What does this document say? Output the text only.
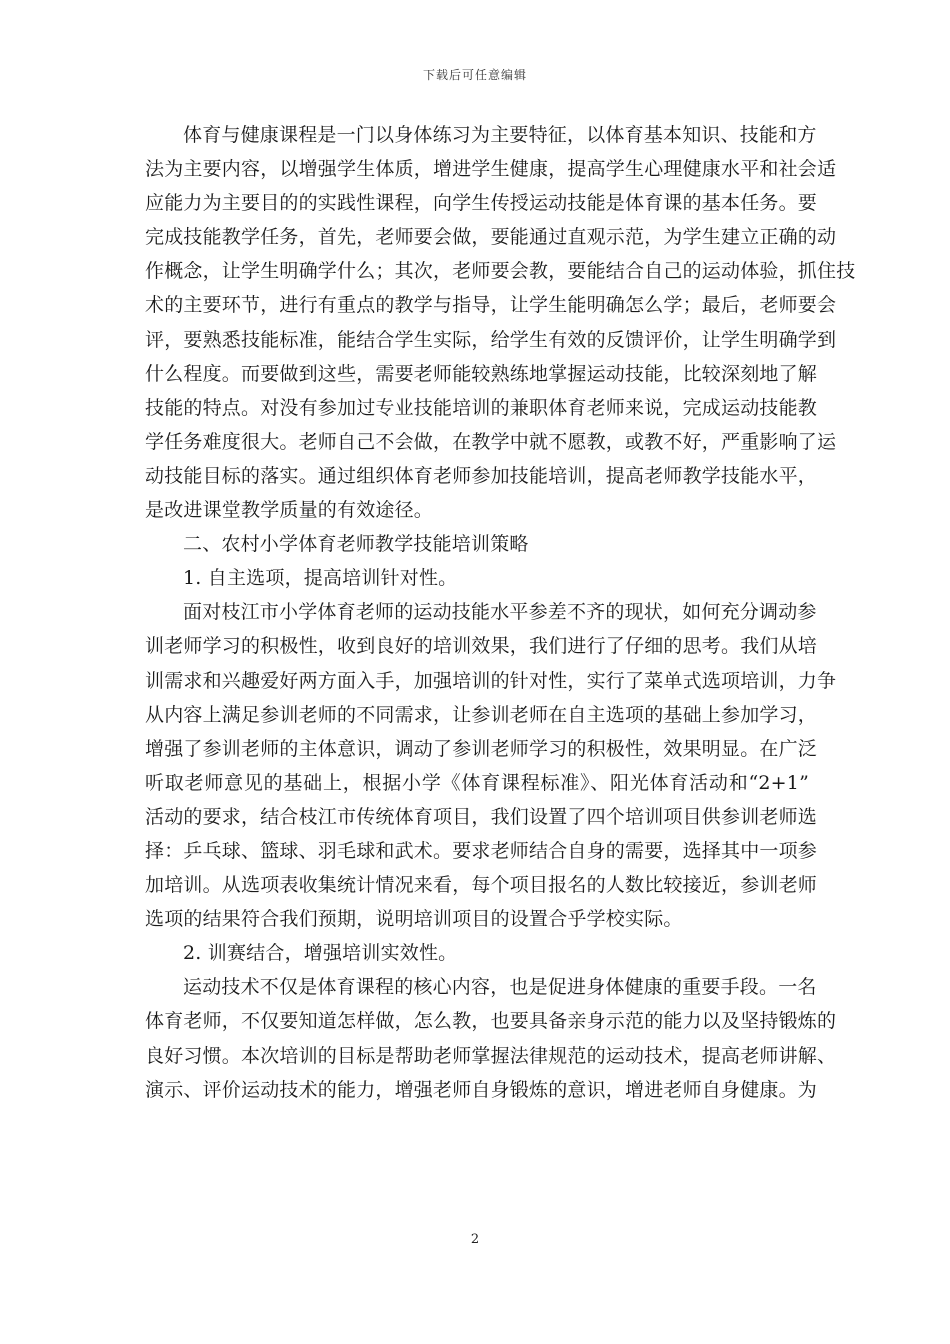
下载后可任意编辑
体育与健康课程是一门以身体练习为主要特征，以体育基本知识、技能和方
法为主要内容，以增强学生体质，增进学生健康，提高学生心理健康水平和社会适
应能力为主要目的的实践性课程，向学生传授运动技能是体育课的基本任务。要
完成技能教学任务，首先，老师要会做，要能通过直观示范，为学生建立正确的动
作概念，让学生明确学什么；其次，老师要会教，要能结合自己的运动体验，抓住技
术的主要环节，进行有重点的教学与指导，让学生能明确怎么学；最后，老师要会
评，要熟悉技能标准，能结合学生实际，给学生有效的反馈评价，让学生明确学到
什么程度。而要做到这些，需要老师能较熟练地掌握运动技能，比较深刻地了解
技能的特点。对没有参加过专业技能培训的兼职体育老师来说，完成运动技能教
学任务难度很大。老师自己不会做，在教学中就不愿教，或教不好，严重影响了运
动技能目标的落实。通过组织体育老师参加技能培训，提高老师教学技能水平，
是改进课堂教学质量的有效途径。
二、农村小学体育老师教学技能培训策略
1. 自主选项，提高培训针对性。
面对枝江市小学体育老师的运动技能水平参差不齐的现状，如何充分调动参
训老师学习的积极性，收到良好的培训效果，我们进行了仔细的思考。我们从培
训需求和兴趣爱好两方面入手，加强培训的针对性，实行了菜单式选项培训，力争
从内容上满足参训老师的不同需求，让参训老师在自主选项的基础上参加学习，
增强了参训老师的主体意识，调动了参训老师学习的积极性，效果明显。在广泛
听取老师意见的基础上，根据小学《体育课程标准》、阳光体育活动和“2+1”
活动的要求，结合枝江市传统体育项目，我们设置了四个培训项目供参训老师选
择：乒乓球、篮球、羽毛球和武术。要求老师结合自身的需要，选择其中一项参
加培训。从选项表收集统计情况来看，每个项目报名的人数比较接近，参训老师
选项的结果符合我们预期，说明培训项目的设置合乎学校实际。
2. 训赛结合，增强培训实效性。
运动技术不仅是体育课程的核心内容，也是促进身体健康的重要手段。一名
体育老师，不仅要知道怎样做，怎么教，也要具备亲身示范的能力以及坚持锻炼的
良好习惯。本次培训的目标是帮助老师掌握法律规范的运动技术，提高老师讲解、
演示、评价运动技术的能力，增强老师自身锻炼的意识，增进老师自身健康。为
2
